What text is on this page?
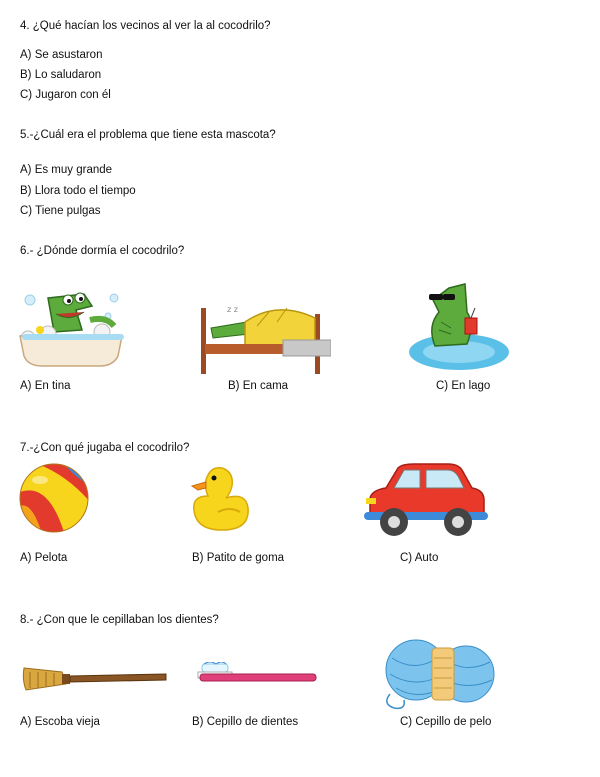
4. ¿Qué hacían los vecinos al ver la al cocodrilo?
A) Se asustaron
B) Lo saludaron
C) Jugaron con él
5.-¿Cuál era el problema que tiene esta mascota?
A) Es muy grande
B) Llora todo el tiempo
C) Tiene pulgas
6.- ¿Dónde dormía el cocodrilo?
z z
A) En tina	B) En cama	C) En lago
7.-¿Con qué jugaba el cocodrilo?
A) Pelota	B) Patito de goma	C) Auto
8.- ¿Con que le cepillaban los dientes?
A) Escoba vieja	B) Cepillo de dientes	C) Cepillo de pelo
